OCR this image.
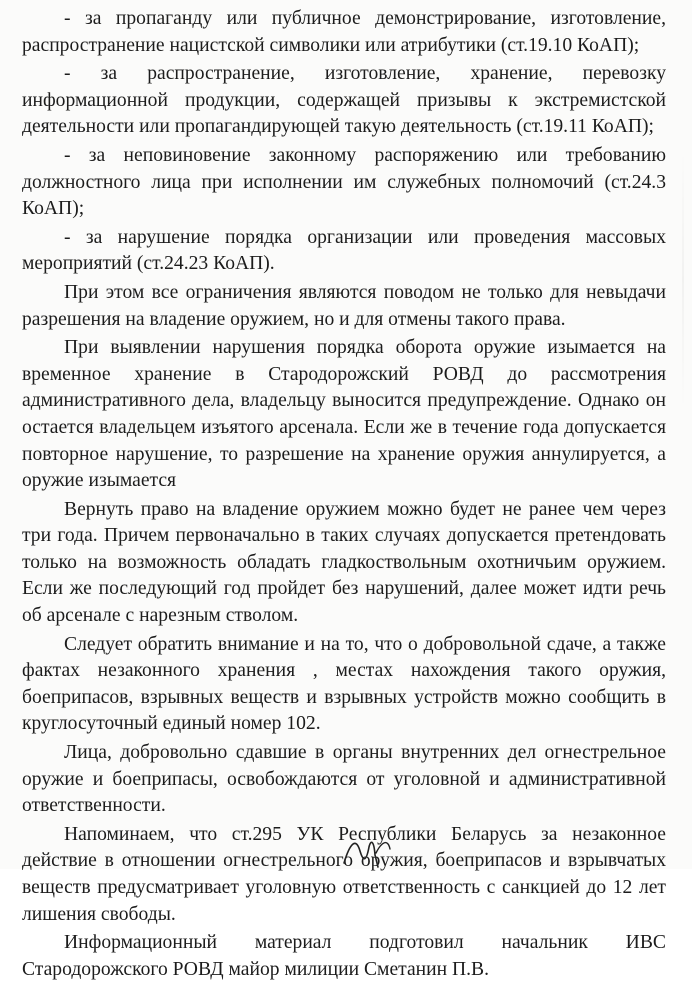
- за пропаганду или публичное демонстрирование, изготовление, распространение нацистской символики или атрибутики (ст.19.10 КоАП);

- за распространение, изготовление, хранение, перевозку информационной продукции, содержащей призывы к экстремистской деятельности или пропагандирующей такую деятельность (ст.19.11 КоАП);

- за неповиновение законному распоряжению или требованию должностного лица при исполнении им служебных полномочий (ст.24.3 КоАП);

- за нарушение порядка организации или проведения массовых мероприятий (ст.24.23 КоАП).

При этом все ограничения являются поводом не только для невыдачи разрешения на владение оружием, но и для отмены такого права.

При выявлении нарушения порядка оборота оружие изымается на временное хранение в Стародорожский РОВД до рассмотрения административного дела, владельцу выносится предупреждение. Однако он остается владельцем изъятого арсенала. Если же в течение года допускается повторное нарушение, то разрешение на хранение оружия аннулируется, а оружие изымается

Вернуть право на владение оружием можно будет не ранее чем через три года. Причем первоначально в таких случаях допускается претендовать только на возможность обладать гладкоствольным охотничьим оружием. Если же последующий год пройдет без нарушений, далее может идти речь об арсенале с нарезным стволом.

Следует обратить внимание и на то, что о добровольной сдаче, а также фактах незаконного хранения , местах нахождения такого оружия, боеприпасов, взрывных веществ и взрывных устройств можно сообщить в круглосуточный единый номер 102.

Лица, добровольно сдавшие в органы внутренних дел огнестрельное оружие и боеприпасы, освобождаются от уголовной и административной ответственности.

Напоминаем, что ст.295 УК Республики Беларусь за незаконное действие в отношении огнестрельного оружия, боеприпасов и взрывчатых веществ предусматривает уголовную ответственность с санкцией до 12 лет лишения свободы.

Информационный материал подготовил начальник ИВС
Стародорожского РОВД майор милиции Сметанин П.В.
